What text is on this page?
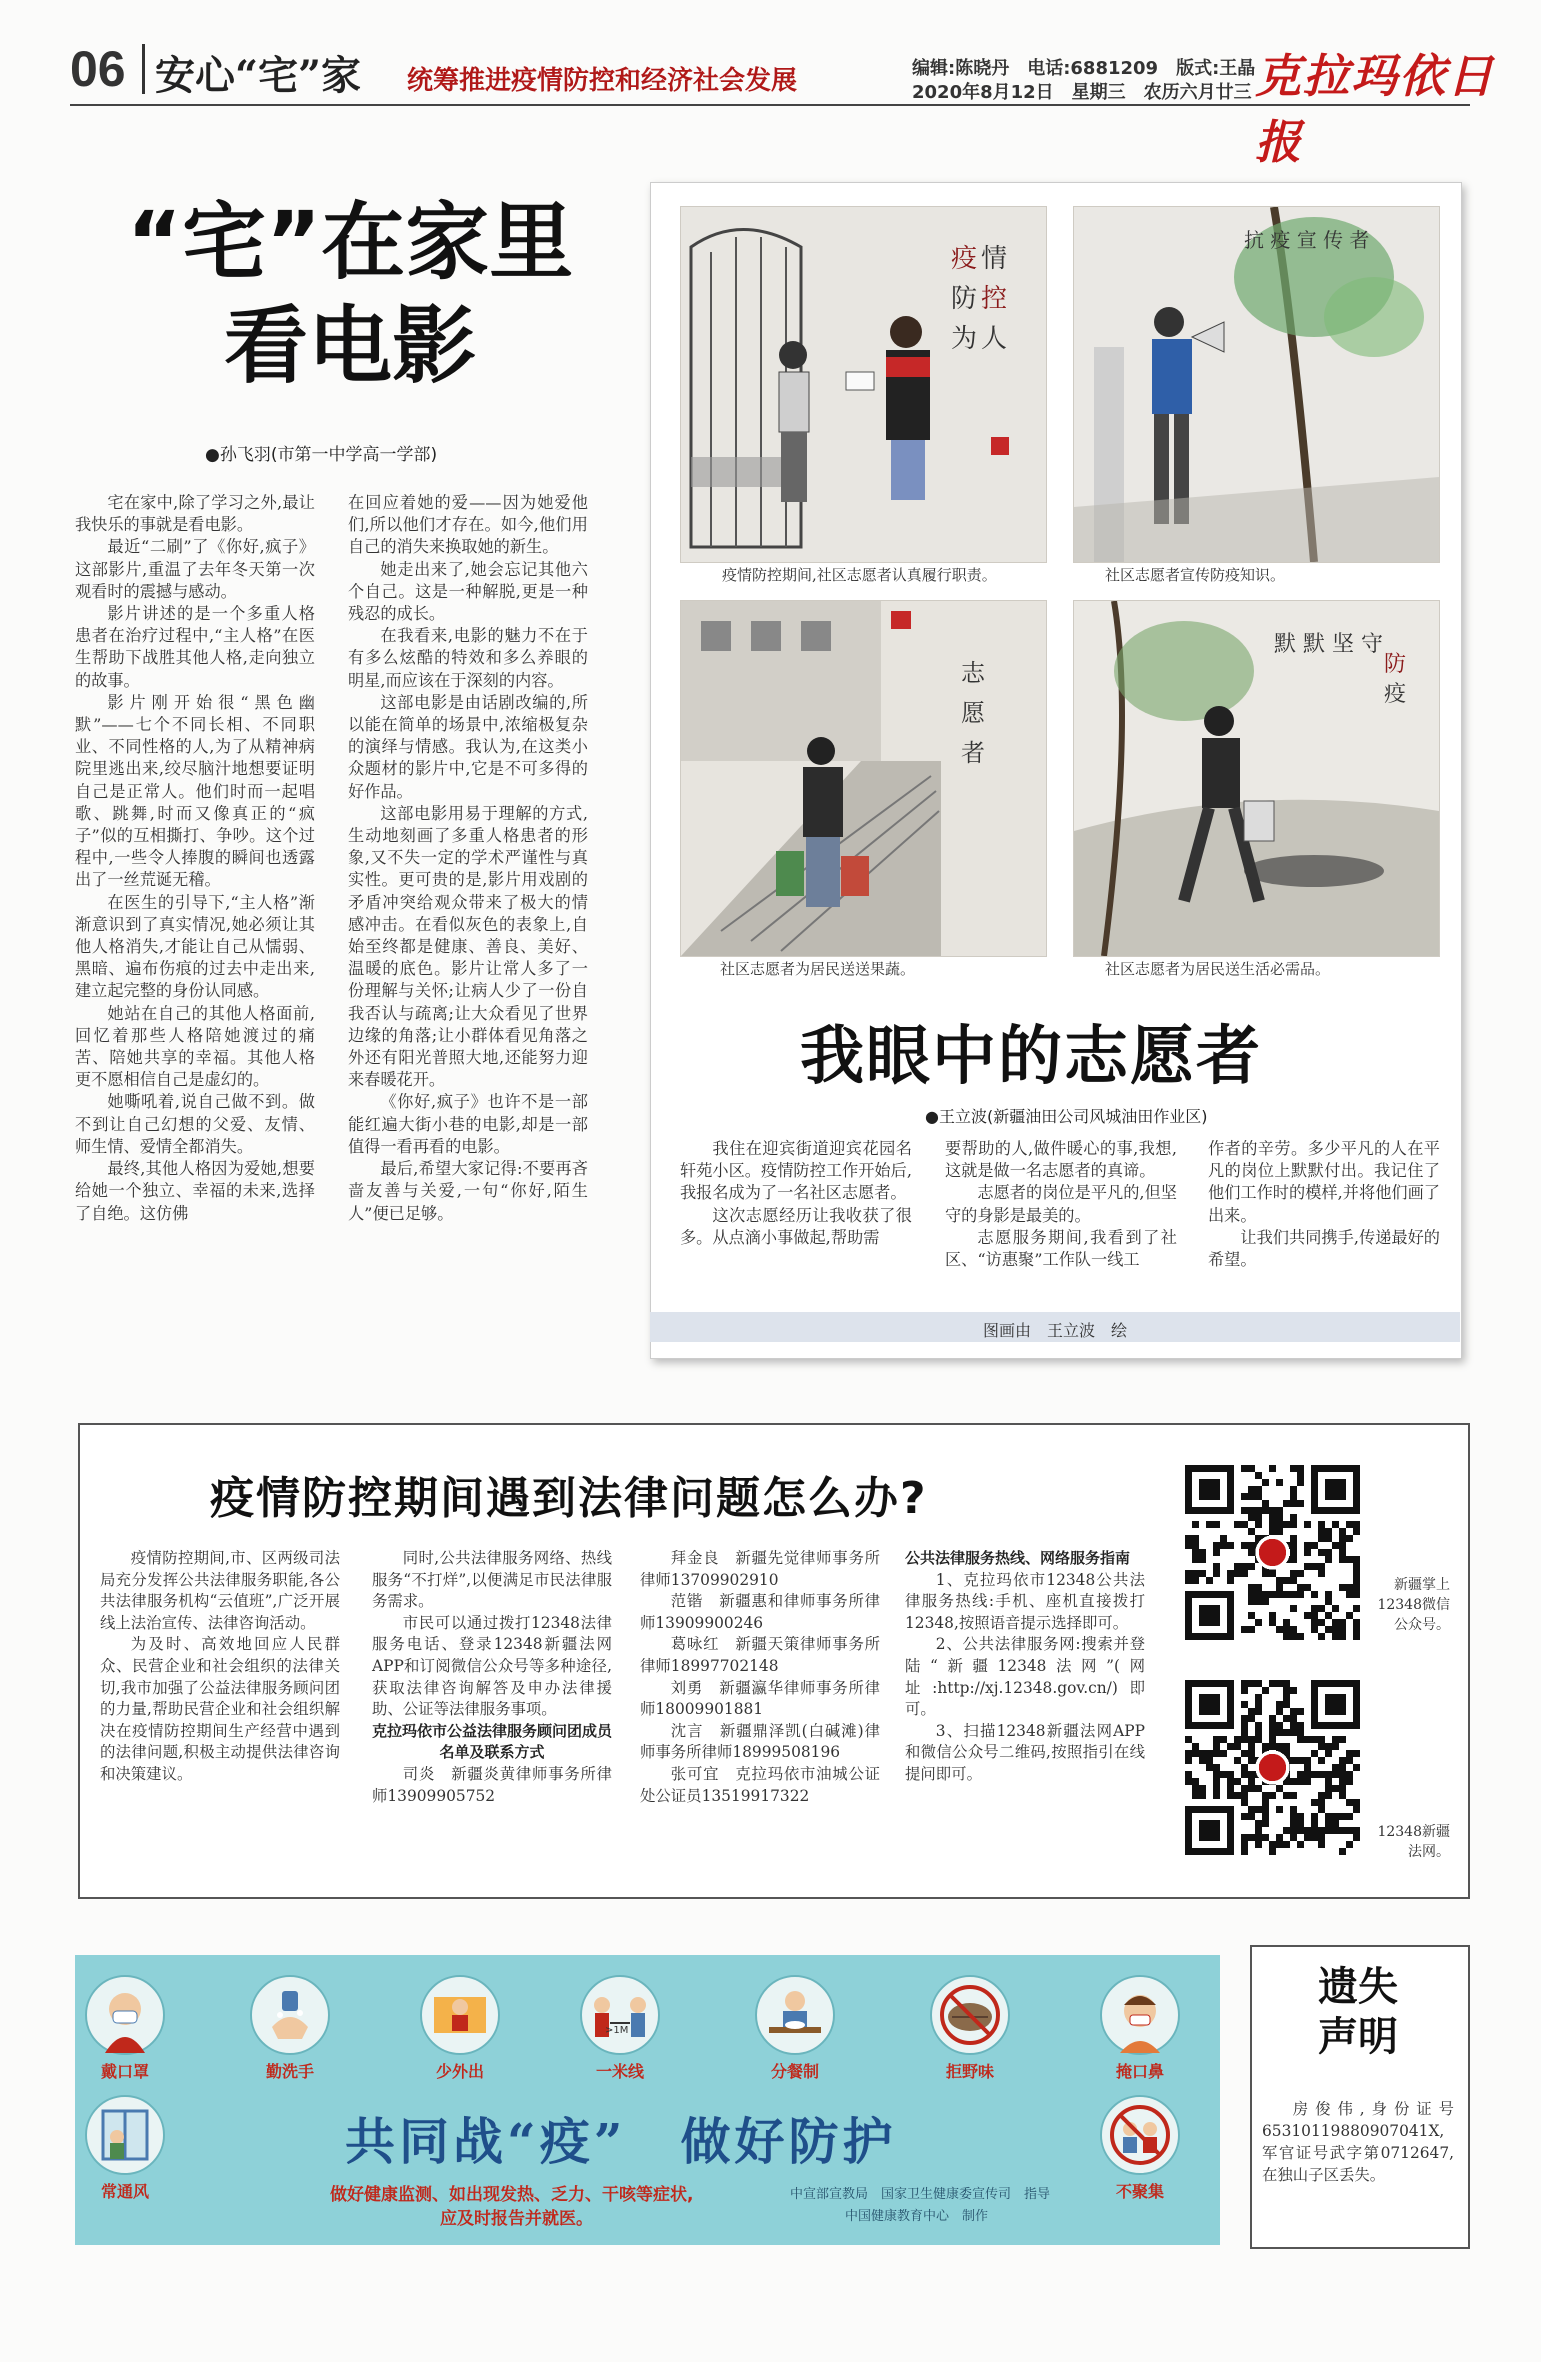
06 安心“宅”家 统筹推进疫情防控和经济社会发展	编辑:陈晓丹　电话:6881209　版式:王晶
2020年8月12日　星期三　农历六月廿三 克拉玛依日报
“宅”在家里
看电影
●孙飞羽(市第一中学高一学部)

宅在家中,除了学习之外,最让我快乐的事就是看电影。

最近“二刷”了《你好,疯子》这部影片,重温了去年冬天第一次观看时的震撼与感动。

影片讲述的是一个多重人格患者在治疗过程中,“主人格”在医生帮助下战胜其他人格,走向独立的故事。

影片刚开始很“黑色幽默”——七个不同长相、不同职业、不同性格的人,为了从精神病院里逃出来,绞尽脑汁地想要证明自己是正常人。他们时而一起唱歌、跳舞,时而又像真正的“疯子”似的互相撕打、争吵。这个过程中,一些令人捧腹的瞬间也透露出了一丝荒诞无稽。

在医生的引导下,“主人格”渐渐意识到了真实情况,她必须让其他人格消失,才能让自己从懦弱、黑暗、遍布伤痕的过去中走出来,建立起完整的身份认同感。

她站在自己的其他人格面前,回忆着那些人格陪她渡过的痛苦、陪她共享的幸福。其他人格更不愿相信自己是虚幻的。

她嘶吼着,说自己做不到。做不到让自己幻想的父爱、友情、师生情、爱情全都消失。

最终,其他人格因为爱她,想要给她一个独立、幸福的未来,选择了自绝。这仿佛

在回应着她的爱——因为她爱他们,所以他们才存在。如今,他们用自己的消失来换取她的新生。

她走出来了,她会忘记其他六个自己。这是一种解脱,更是一种残忍的成长。

在我看来,电影的魅力不在于有多么炫酷的特效和多么养眼的明星,而应该在于深刻的内容。

这部电影是由话剧改编的,所以能在简单的场景中,浓缩极复杂的演绎与情感。我认为,在这类小众题材的影片中,它是不可多得的好作品。

这部电影用易于理解的方式,生动地刻画了多重人格患者的形象,又不失一定的学术严谨性与真实性。更可贵的是,影片用戏剧的矛盾冲突给观众带来了极大的情感冲击。在看似灰色的表象上,自始至终都是健康、善良、美好、温暖的底色。影片让常人多了一份理解与关怀;让病人少了一份自我否认与疏离;让大众看见了世界边缘的角落;让小群体看见角落之外还有阳光普照大地,还能努力迎来春暖花开。

《你好,疯子》也许不是一部能红遍大街小巷的电影,却是一部值得一看再看的电影。

最后,希望大家记得:不要再吝啬友善与关爱,一句“你好,陌生人”便已足够。

疫 情
防 控
为 人
抗 疫 宣 传 者
疫情防控期间,社区志愿者认真履行职责。	社区志愿者宣传防疫知识。
志
愿
者
默 默 坚 守
防
疫
社区志愿者为居民送送果蔬。	社区志愿者为居民送生活必需品。
我眼中的志愿者
●王立波(新疆油田公司风城油田作业区)

我住在迎宾街道迎宾花园名轩苑小区。疫情防控工作开始后,我报名成为了一名社区志愿者。

这次志愿经历让我收获了很多。从点滴小事做起,帮助需

要帮助的人,做件暖心的事,我想,这就是做一名志愿者的真谛。

志愿者的岗位是平凡的,但坚守的身影是最美的。

志愿服务期间,我看到了社区、“访惠聚”工作队一线工

作者的辛劳。多少平凡的人在平凡的岗位上默默付出。我记住了他们工作时的模样,并将他们画了出来。

让我们共同携手,传递最好的希望。

图画由　王立波　绘
疫情防控期间遇到法律问题怎么办?

疫情防控期间,市、区两级司法局充分发挥公共法律服务职能,各公共法律服务机构“云值班”,广泛开展线上法治宣传、法律咨询活动。

为及时、高效地回应人民群众、民营企业和社会组织的法律关切,我市加强了公益法律服务顾问团的力量,帮助民营企业和社会组织解决在疫情防控期间生产经营中遇到的法律问题,积极主动提供法律咨询和决策建议。

同时,公共法律服务网络、热线服务“不打烊”,以便满足市民法律服务需求。

市民可以通过拨打12348法律服务电话、登录12348新疆法网APP和订阅微信公众号等多种途径,获取法律咨询解答及申办法律援助、公证等法律服务事项。

克拉玛依市公益法律服务顾问团成员名单及联系方式

司炎　新疆炎黄律师事务所律师13909905752

拜金良　新疆先觉律师事务所律师13709902910

范锴　新疆惠和律师事务所律师13909900246

葛咏红　新疆天策律师事务所律师18997702148

刘勇　新疆瀛华律师事务所律师18009901881

沈言　新疆鼎泽凯(白碱滩)律师事务所律师18999508196

张可宜　克拉玛依市油城公证处公证员13519917322

公共法律服务热线、网络服务指南

1、克拉玛依市12348公共法律服务热线:手机、座机直接拨打12348,按照语音提示选择即可。

2、公共法律服务网:搜索并登陆“新疆12348法网”(网址:http://xj.12348.gov.cn/)即可。

3、扫描12348新疆法网APP和微信公众号二维码,按照指引在线提问即可。

新疆掌上12348微信公众号。
12348新疆法网。
戴口罩	勤洗手	少外出
>1M
一米线	分餐制	拒野味	掩口鼻
常通风	不聚集
共同战“疫”　做好防护
做好健康监测、如出现发热、乏力、干咳等症状,
应及时报告并就医。
中宣部宣教局　国家卫生健康委宣传司　指导
中国健康教育中心　制作
遗失
声明

房俊伟,身份证号65310119880907041X,军官证号武字第0712647,在独山子区丢失。
